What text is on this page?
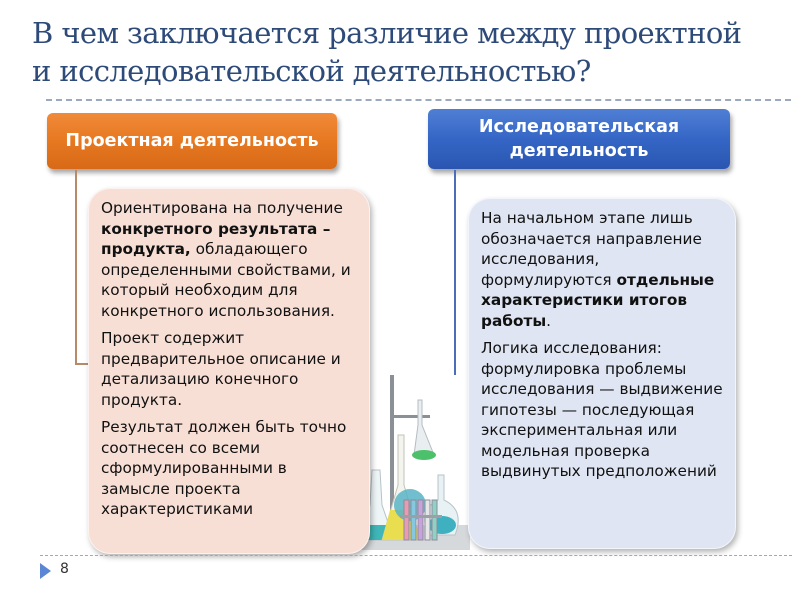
В чем заключается различие между проектной
и исследовательской деятельностью?
Проектная деятельность
Исследовательская
деятельность

Ориентирована на получение конкретного результата – продукта, обладающего определенными свойствами, и который необходим для конкретного использования.

Проект содержит предварительное описание и детализацию конечного продукта.

Результат должен быть точно соотнесен со всеми сформулированными в замысле проекта характеристиками

На начальном этапе лишь обозначается направление исследования, формулируются отдельные характеристики итогов работы.

Логика исследования: формулировка проблемы исследования — выдвижение гипотезы — последующая экспериментальная или модельная проверка выдвинутых предположений

8
